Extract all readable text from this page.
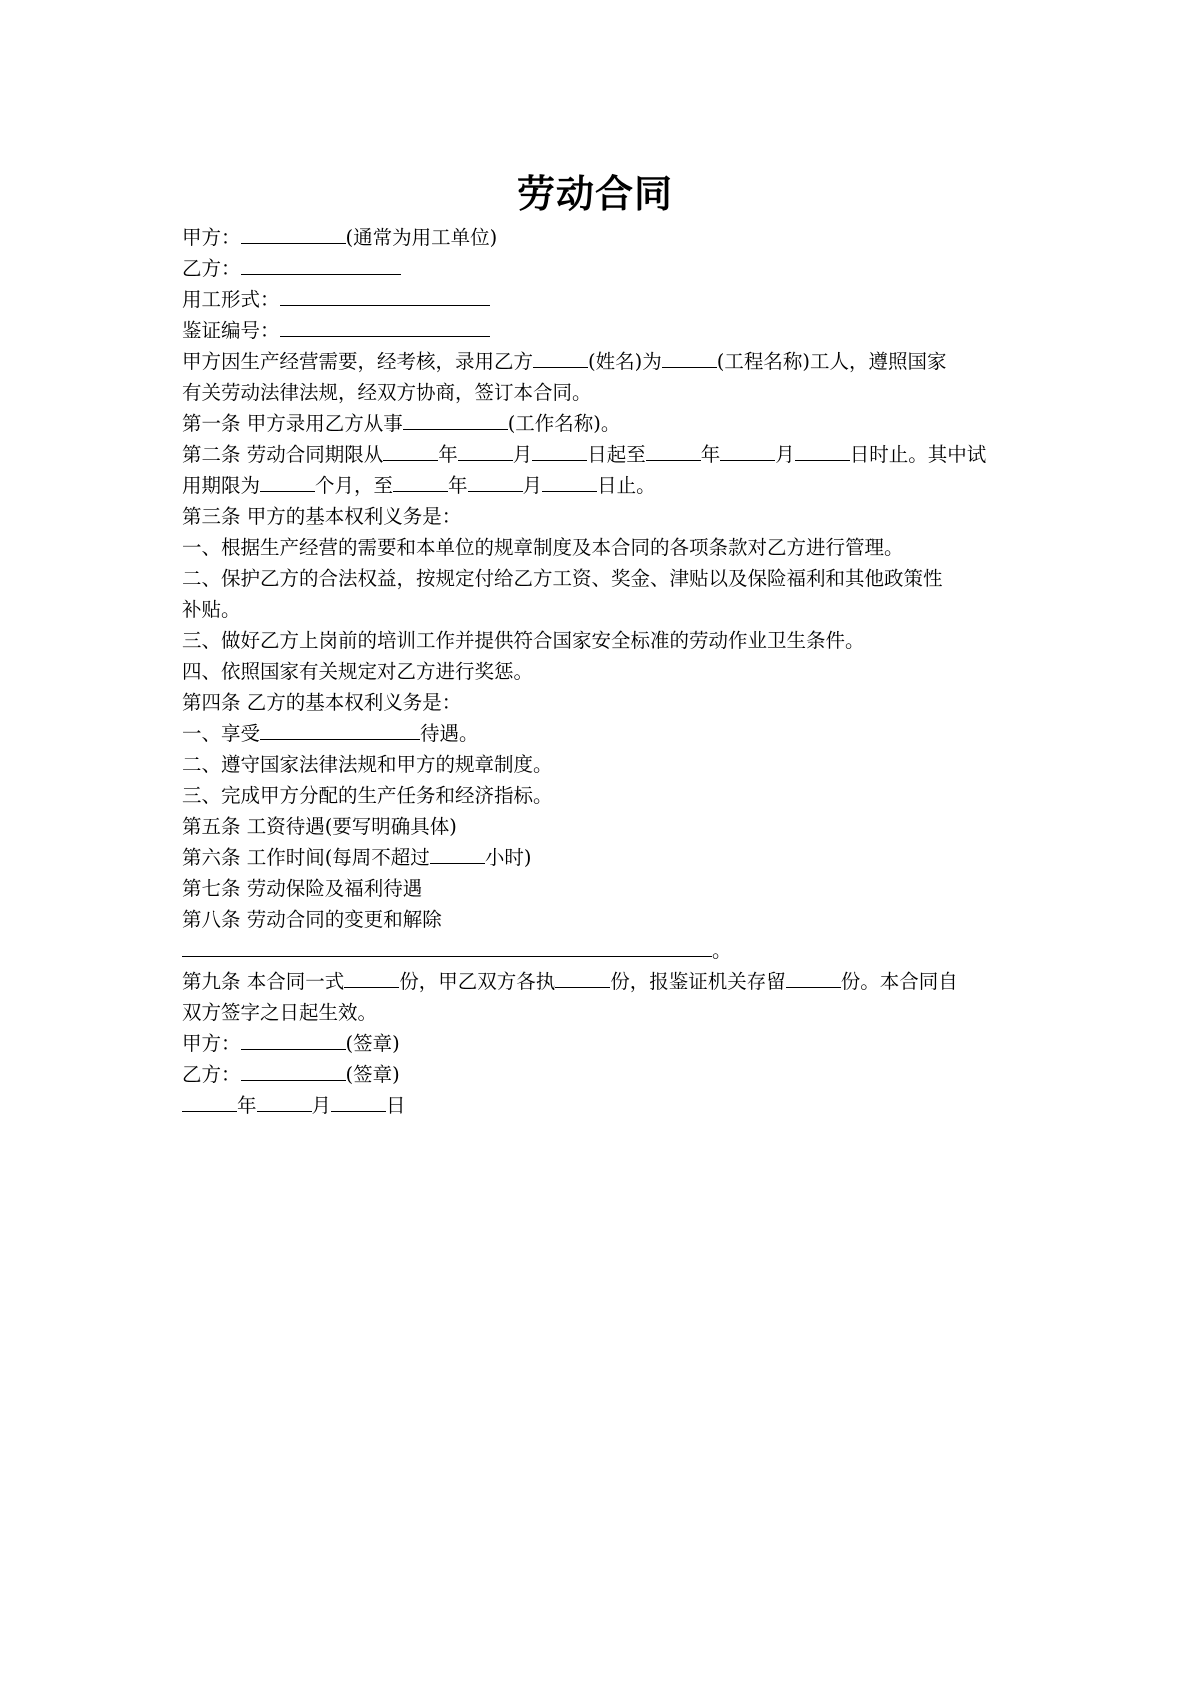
劳动合同
甲方：	(通常为用工单位)
乙方：
用工形式：
鉴证编号：
甲方因生产经营需要，经考核，录用乙方	(姓名)为	(工程名称)工人，遵照国家
有关劳动法律法规，经双方协商，签订本合同。
第一条 甲方录用乙方从事	(工作名称)。
第二条 劳动合同期限从	年	月	日起至	年	月	日时止。其中试
用期限为	个月，至	年	月	日止。
第三条 甲方的基本权利义务是：
一、根据生产经营的需要和本单位的规章制度及本合同的各项条款对乙方进行管理。
二、保护乙方的合法权益，按规定付给乙方工资、奖金、津贴以及保险福利和其他政策性
补贴。
三、做好乙方上岗前的培训工作并提供符合国家安全标准的劳动作业卫生条件。
四、依照国家有关规定对乙方进行奖惩。
第四条 乙方的基本权利义务是：
一、享受	待遇。
二、遵守国家法律法规和甲方的规章制度。
三、完成甲方分配的生产任务和经济指标。
第五条 工资待遇(要写明确具体)
第六条 工作时间(每周不超过	小时)
第七条 劳动保险及福利待遇
第八条 劳动合同的变更和解除
。
第九条 本合同一式	份，甲乙双方各执	份，报鉴证机关存留	份。本合同自
双方签字之日起生效。
甲方：	(签章)
乙方：	(签章)
年	月	日
